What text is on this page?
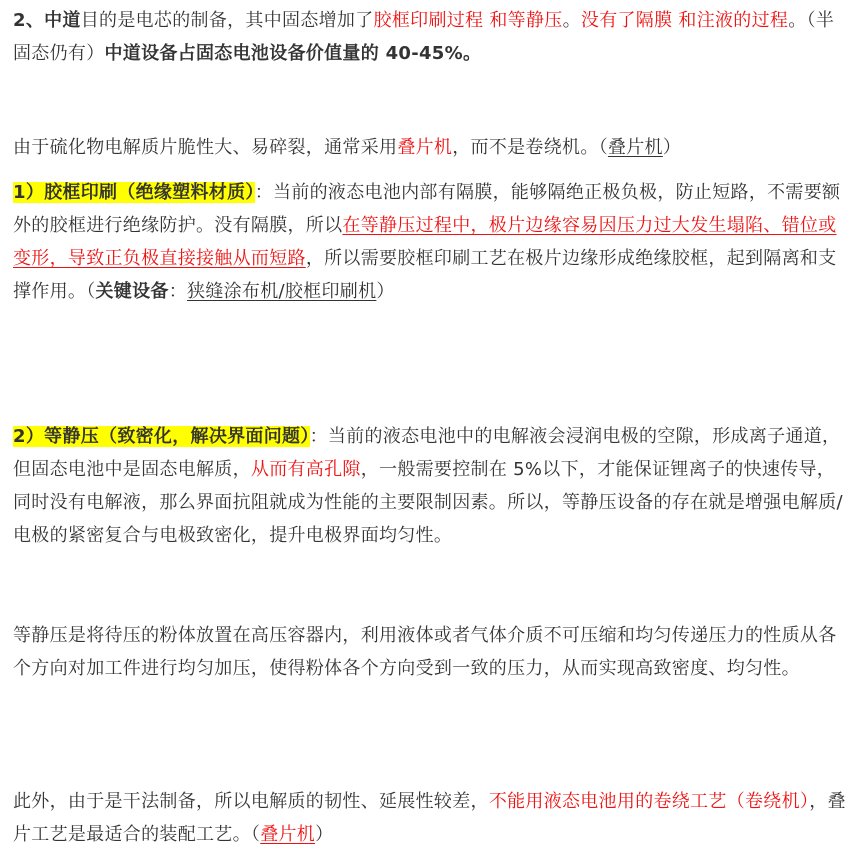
2、中道目的是电芯的制备，其中固态增加了胶框印刷过程 和等静压。没有了隔膜 和注液的过程。（半固态仍有）中道设备占固态电池设备价值量的 40-45%。

由于硫化物电解质片脆性大、易碎裂，通常采用叠片机，而不是卷绕机。（叠片机）

1）胶框印刷（绝缘塑料材质）：当前的液态电池内部有隔膜，能够隔绝正极负极，防止短路，不需要额外的胶框进行绝缘防护。没有隔膜，所以在等静压过程中，极片边缘容易因压力过大发生塌陷、错位或变形，导致正负极直接接触从而短路，所以需要胶框印刷工艺在极片边缘形成绝缘胶框，起到隔离和支撑作用。（关键设备：狭缝涂布机/胶框印刷机）

2）等静压（致密化，解决界面问题）：当前的液态电池中的电解液会浸润电极的空隙，形成离子通道，但固态电池中是固态电解质，从而有高孔隙，一般需要控制在 5%以下，才能保证锂离子的快速传导，同时没有电解液，那么界面抗阻就成为性能的主要限制因素。所以，等静压设备的存在就是增强电解质/电极的紧密复合与电极致密化，提升电极界面均匀性。

等静压是将待压的粉体放置在高压容器内，利用液体或者气体介质不可压缩和均匀传递压力的性质从各个方向对加工件进行均匀加压，使得粉体各个方向受到一致的压力，从而实现高致密度、均匀性。

此外，由于是干法制备，所以电解质的韧性、延展性较差，不能用液态电池用的卷绕工艺（卷绕机），叠片工艺是最适合的装配工艺。（叠片机）
